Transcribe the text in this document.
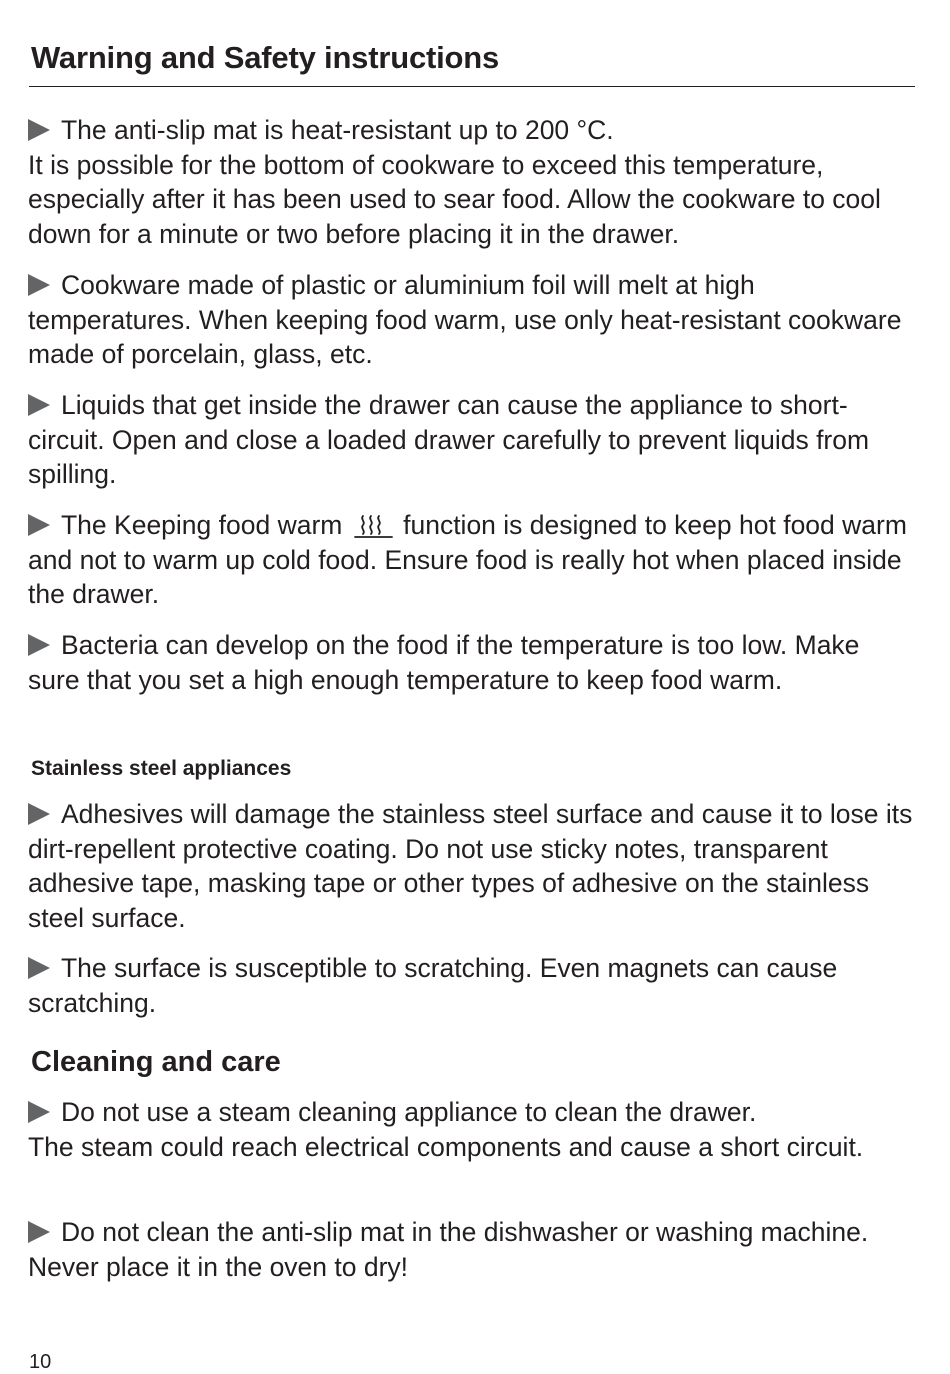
Warning and Safety instructions

The anti-slip mat is heat-resistant up to 200 °C.
It is possible for the bottom of cookware to exceed this temperature, especially after it has been used to sear food. Allow the cookware to cool down for a minute or two before placing it in the drawer.

Cookware made of plastic or aluminium foil will melt at high temperatures. When keeping food warm, use only heat-resistant cookware made of porcelain, glass, etc.

Liquids that get inside the drawer can cause the appliance to short-circuit. Open and close a loaded drawer carefully to prevent liquids from spilling.

The Keeping food warm function is designed to keep hot food warm and not to warm up cold food. Ensure food is really hot when placed inside the drawer.

Bacteria can develop on the food if the temperature is too low. Make sure that you set a high enough temperature to keep food warm.

Stainless steel appliances

Adhesives will damage the stainless steel surface and cause it to lose its dirt-repellent protective coating. Do not use sticky notes, transparent adhesive tape, masking tape or other types of adhesive on the stainless steel surface.

The surface is susceptible to scratching. Even magnets can cause scratching.

Cleaning and care

Do not use a steam cleaning appliance to clean the drawer.
The steam could reach electrical components and cause a short circuit.

Do not clean the anti-slip mat in the dishwasher or washing machine. Never place it in the oven to dry!

10
